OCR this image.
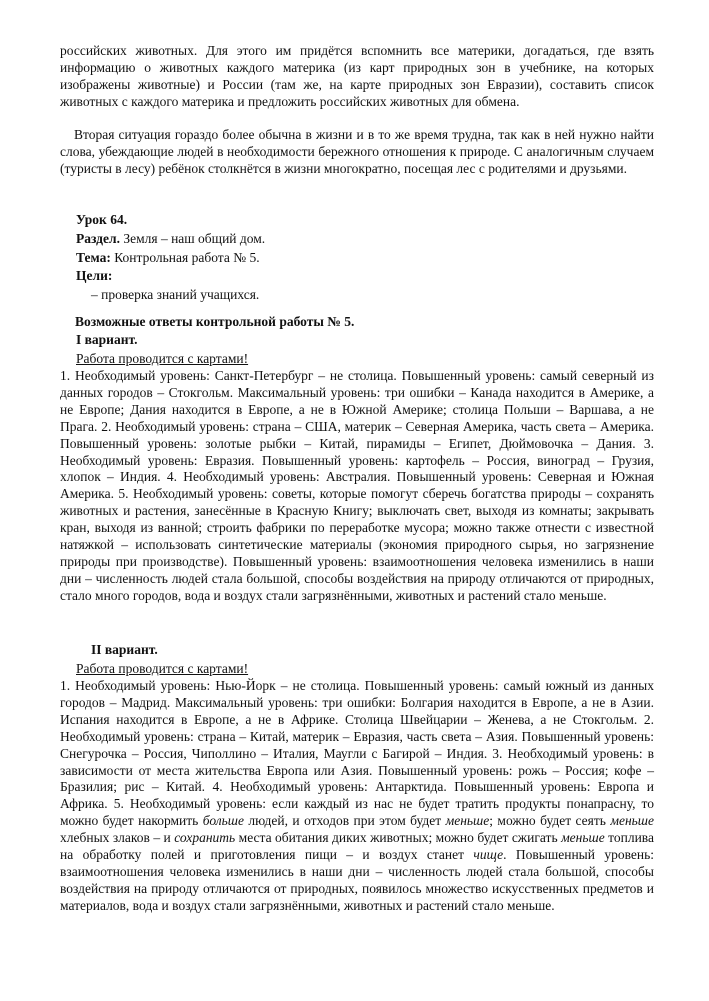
российских животных. Для этого им придётся вспомнить все материки, догадаться, где взять информацию о животных каждого материка (из карт природных зон в учебнике, на которых изображены животные) и России (там же, на карте природных зон Евразии), составить список животных с каждого материка и предложить российских животных для обмена.

Вторая ситуация гораздо более обычна в жизни и в то же время трудна, так как в ней нужно найти слова, убеждающие людей в необходимости бережного отношения к природе. С аналогичным случаем (туристы в лесу) ребёнок столкнётся в жизни многократно, посещая лес с родителями и друзьями.

Урок 64.

Раздел. Земля – наш общий дом.

Тема: Контрольная работа № 5.

Цели:

– проверка знаний учащихся.

Возможные ответы контрольной работы № 5.

I вариант.

Работа проводится с картами!

1. Необходимый уровень: Санкт-Петербург – не столица. Повышенный уровень: самый северный из данных городов – Стокгольм. Максимальный уровень: три ошибки – Канада находится в Америке, а не Европе; Дания находится в Европе, а не в Южной Америке; столица Польши – Варшава, а не Прага. 2. Необходимый уровень: страна – США, материк – Северная Америка, часть света – Америка. Повышенный уровень: золотые рыбки – Китай, пирамиды – Египет, Дюймовочка – Дания. 3. Необходимый уровень: Евразия. Повышенный уровень: картофель – Россия, виноград – Грузия, хлопок – Индия. 4. Необходимый уровень: Австралия. Повышенный уровень: Северная и Южная Америка. 5. Необходимый уровень: советы, которые помогут сберечь богатства природы – сохранять животных и растения, занесённые в Красную Книгу; выключать свет, выходя из комнаты; закрывать кран, выходя из ванной; строить фабрики по переработке мусора; можно также отнести с известной натяжкой – использовать синтетические материалы (экономия природного сырья, но загрязнение природы при производстве). Повышенный уровень: взаимоотношения человека изменились в наши дни – численность людей стала большой, способы воздействия на природу отличаются от природных, стало много городов, вода и воздух стали загрязнёнными, животных и растений стало меньше.

II вариант.

Работа проводится с картами!

1. Необходимый уровень: Нью-Йорк – не столица. Повышенный уровень: самый южный из данных городов – Мадрид. Максимальный уровень: три ошибки: Болгария находится в Европе, а не в Азии. Испания находится в Европе, а не в Африке. Столица Швейцарии – Женева, а не Стокгольм. 2. Необходимый уровень: страна – Китай, материк – Евразия, часть света – Азия. Повышенный уровень: Снегурочка – Россия, Чиполлино – Италия, Маугли с Багирой – Индия. 3. Необходимый уровень: в зависимости от места жительства Европа или Азия. Повышенный уровень: рожь – Россия; кофе – Бразилия; рис – Китай. 4. Необходимый уровень: Антарктида. Повышенный уровень: Европа и Африка. 5. Необходимый уровень: если каждый из нас не будет тратить продукты понапрасну, то можно будет накормить больше людей, и отходов при этом будет меньше; можно будет сеять меньше хлебных злаков – и сохранить места обитания диких животных; можно будет сжигать меньше топлива на обработку полей и приготовления пищи – и воздух станет чище. Повышенный уровень: взаимоотношения человека изменились в наши дни – численность людей стала большой, способы воздействия на природу отличаются от природных, появилось множество искусственных предметов и материалов, вода и воздух стали загрязнёнными, животных и растений стало меньше.
